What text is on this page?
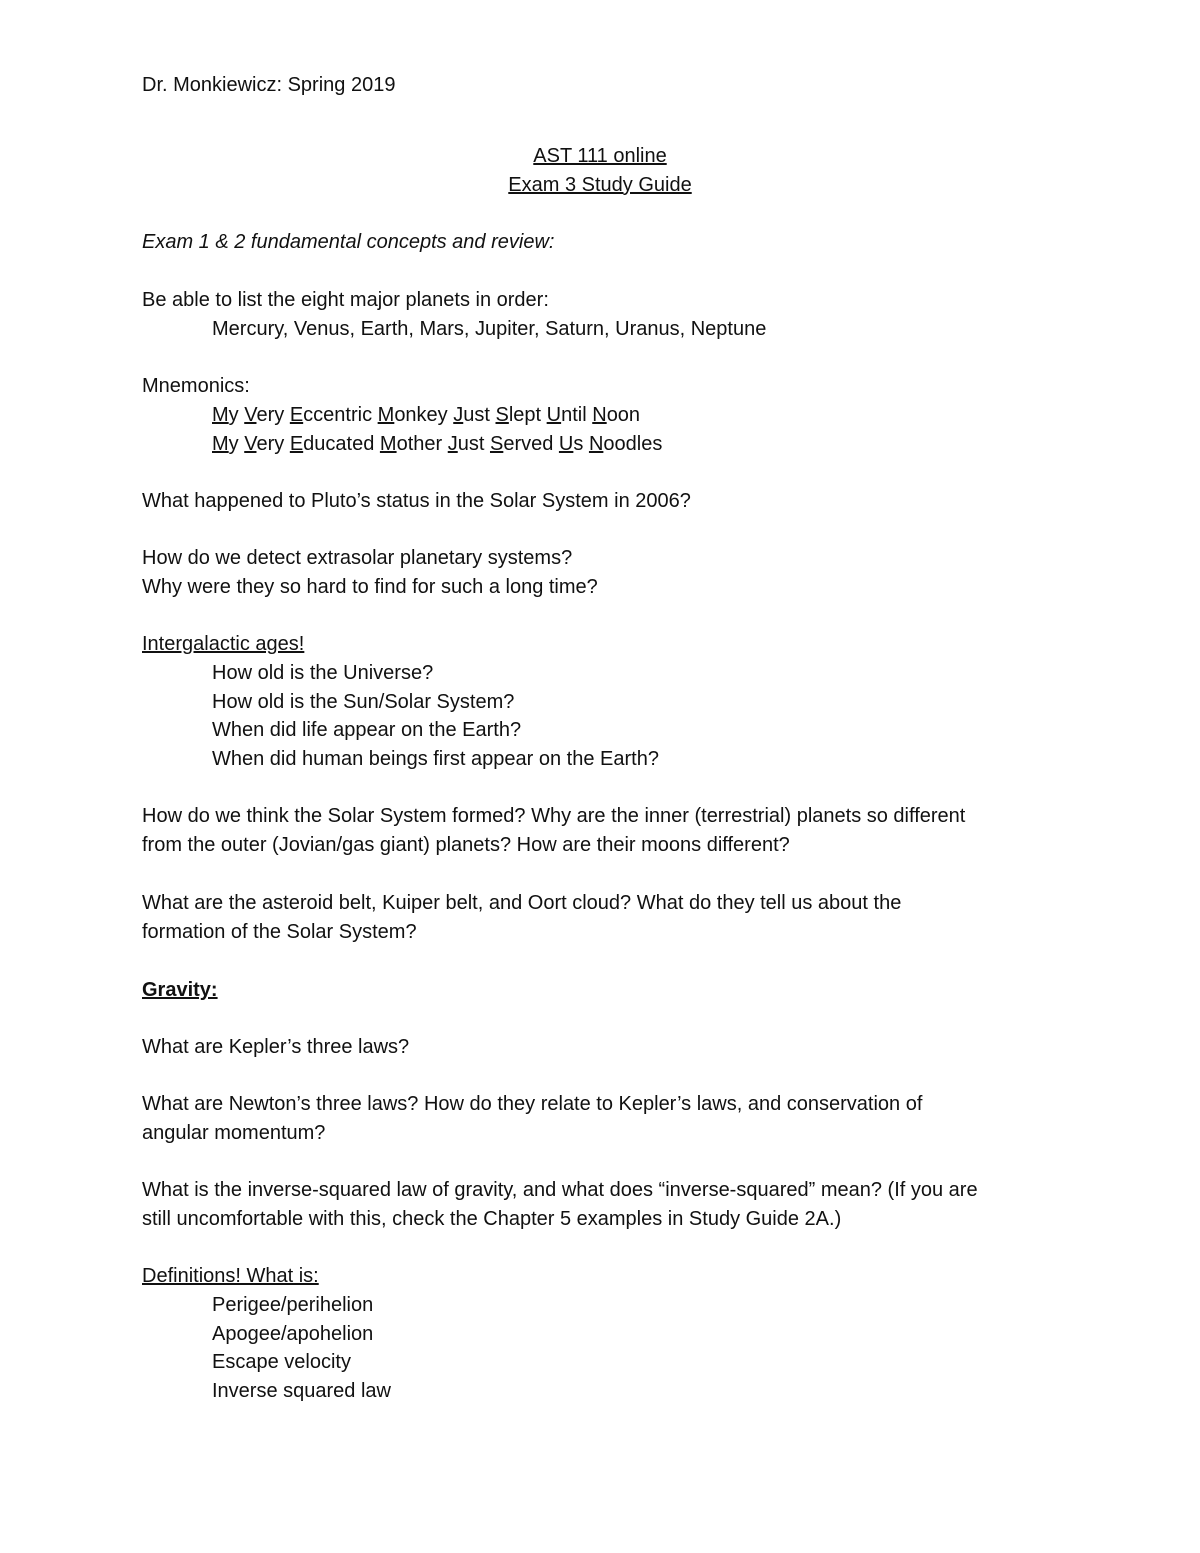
Dr. Monkiewicz: Spring 2019
AST 111 online
Exam 3 Study Guide
Exam 1 & 2 fundamental concepts and review:
Be able to list the eight major planets in order:
Mercury, Venus, Earth, Mars, Jupiter, Saturn, Uranus, Neptune
Mnemonics:
My Very Eccentric Monkey Just Slept Until Noon
My Very Educated Mother Just Served Us Noodles
What happened to Pluto’s status in the Solar System in 2006?
How do we detect extrasolar planetary systems?
Why were they so hard to find for such a long time?
Intergalactic ages!
How old is the Universe?
How old is the Sun/Solar System?
When did life appear on the Earth?
When did human beings first appear on the Earth?
How do we think the Solar System formed? Why are the inner (terrestrial) planets so different
from the outer (Jovian/gas giant) planets? How are their moons different?
What are the asteroid belt, Kuiper belt, and Oort cloud? What do they tell us about the
formation of the Solar System?
Gravity:
What are Kepler’s three laws?
What are Newton’s three laws? How do they relate to Kepler’s laws, and conservation of
angular momentum?
What is the inverse-squared law of gravity, and what does “inverse-squared” mean? (If you are
still uncomfortable with this, check the Chapter 5 examples in Study Guide 2A.)
Definitions! What is:
Perigee/perihelion
Apogee/apohelion
Escape velocity
Inverse squared law
